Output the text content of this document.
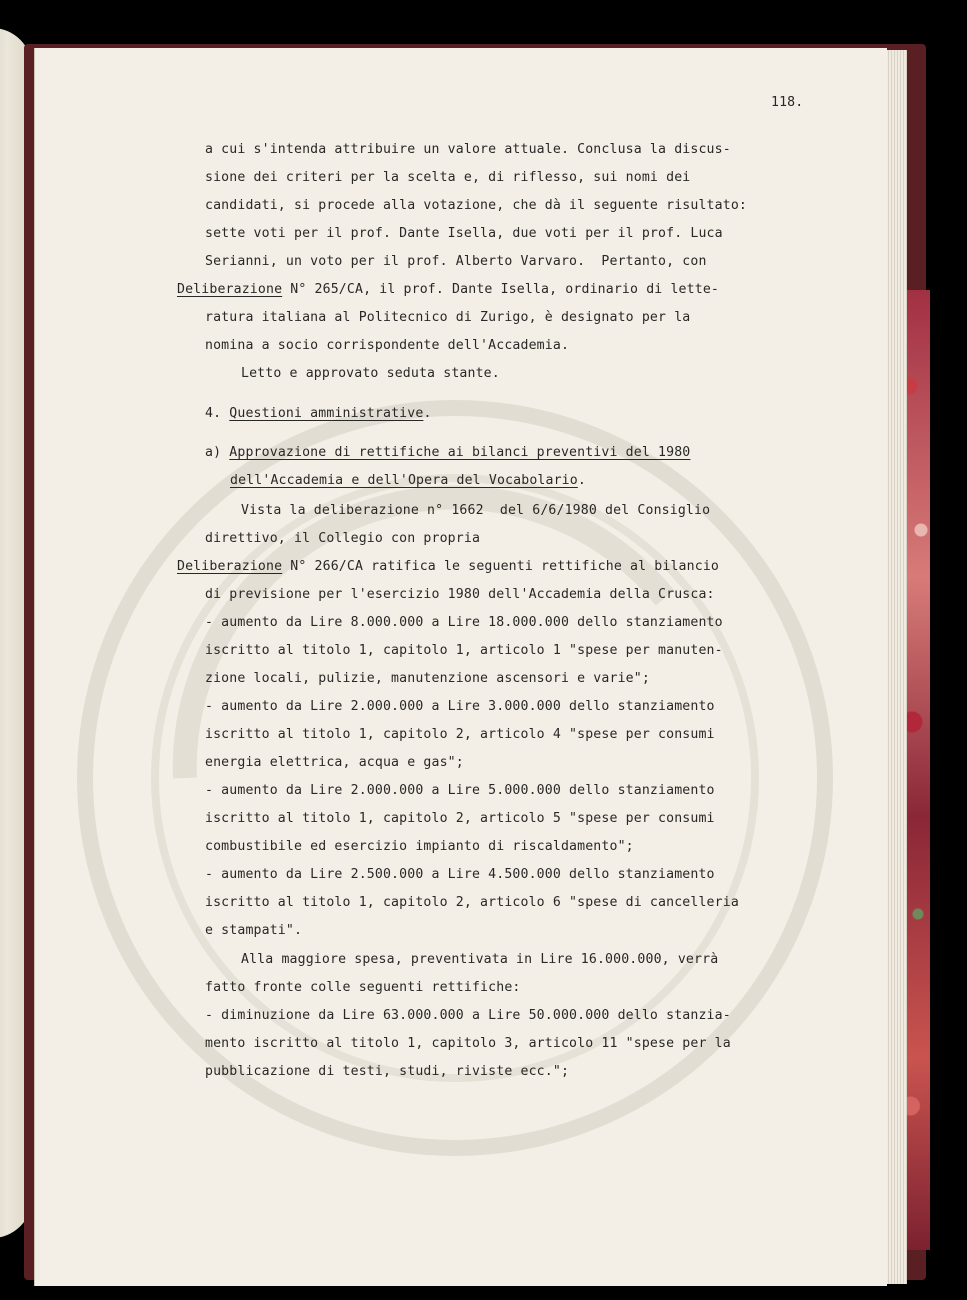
118.
a cui s'intenda attribuire un valore attuale. Conclusa la discus-
sione dei criteri per la scelta e, di riflesso, sui nomi dei
candidati, si procede alla votazione, che dà il seguente risultato:
sette voti per il prof. Dante Isella, due voti per il prof. Luca
Serianni, un voto per il prof. Alberto Varvaro.  Pertanto, con
Deliberazione N° 265/CA, il prof. Dante Isella, ordinario di lette-
ratura italiana al Politecnico di Zurigo, è designato per la
nomina a socio corrispondente dell'Accademia.
Letto e approvato seduta stante.
4. Questioni amministrative.
a) Approvazione di rettifiche ai bilanci preventivi del 1980
dell'Accademia e dell'Opera del Vocabolario.
Vista la deliberazione n° 1662  del 6/6/1980 del Consiglio
direttivo, il Collegio con propria
Deliberazione N° 266/CA ratifica le seguenti rettifiche al bilancio
di previsione per l'esercizio 1980 dell'Accademia della Crusca:
- aumento da Lire 8.000.000 a Lire 18.000.000 dello stanziamento
iscritto al titolo 1, capitolo 1, articolo 1 "spese per manuten-
zione locali, pulizie, manutenzione ascensori e varie";
- aumento da Lire 2.000.000 a Lire 3.000.000 dello stanziamento
iscritto al titolo 1, capitolo 2, articolo 4 "spese per consumi
energia elettrica, acqua e gas";
- aumento da Lire 2.000.000 a Lire 5.000.000 dello stanziamento
iscritto al titolo 1, capitolo 2, articolo 5 "spese per consumi
combustibile ed esercizio impianto di riscaldamento";
- aumento da Lire 2.500.000 a Lire 4.500.000 dello stanziamento
iscritto al titolo 1, capitolo 2, articolo 6 "spese di cancelleria
e stampati".
Alla maggiore spesa, preventivata in Lire 16.000.000, verrà
fatto fronte colle seguenti rettifiche:
- diminuzione da Lire 63.000.000 a Lire 50.000.000 dello stanzia-
mento iscritto al titolo 1, capitolo 3, articolo 11 "spese per la
pubblicazione di testi, studi, riviste ecc.";
